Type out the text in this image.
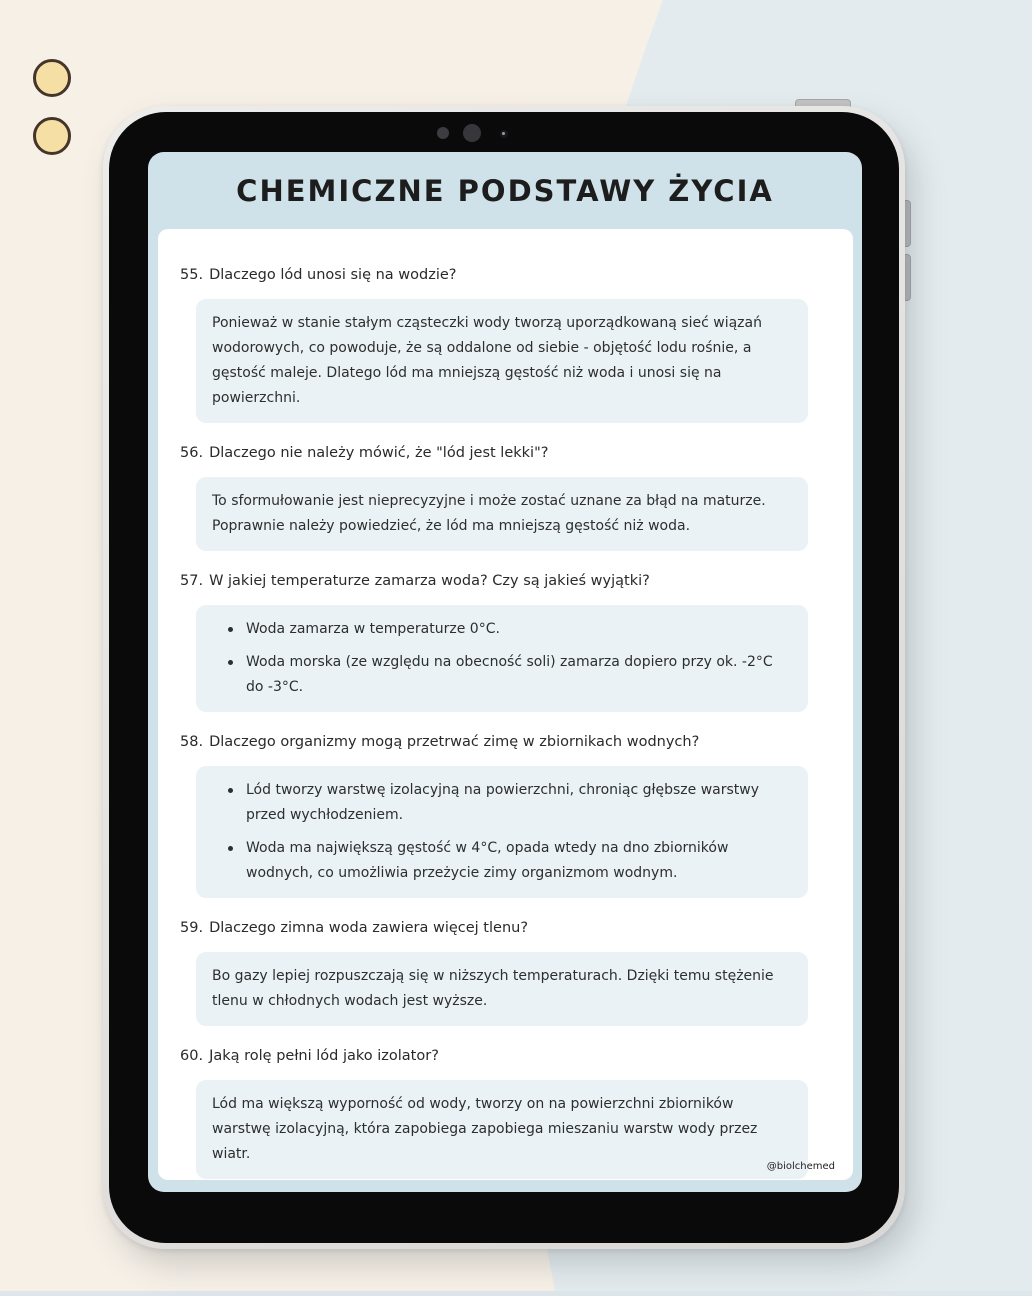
CHEMICZNE PODSTAWY ŻYCIA
55. Dlaczego lód unosi się na wodzie?

Ponieważ w stanie stałym cząsteczki wody tworzą uporządkowaną sieć wiązań wodorowych, co powoduje, że są oddalone od siebie - objętość lodu rośnie, a gęstość maleje. Dlatego lód ma mniejszą gęstość niż woda i unosi się na powierzchni.

56. Dlaczego nie należy mówić, że "lód jest lekki"?

To sformułowanie jest nieprecyzyjne i może zostać uznane za błąd na maturze. Poprawnie należy powiedzieć, że lód ma mniejszą gęstość niż woda.

57. W jakiej temperaturze zamarza woda? Czy są jakieś wyjątki?
Woda zamarza w temperaturze 0°C.
Woda morska (ze względu na obecność soli) zamarza dopiero przy ok. -2°C do -3°C.
58. Dlaczego organizmy mogą przetrwać zimę w zbiornikach wodnych?
Lód tworzy warstwę izolacyjną na powierzchni, chroniąc głębsze warstwy przed wychłodzeniem.
Woda ma największą gęstość w 4°C, opada wtedy na dno zbiorników wodnych, co umożliwia przeżycie zimy organizmom wodnym.
59. Dlaczego zimna woda zawiera więcej tlenu?

Bo gazy lepiej rozpuszczają się w niższych temperaturach. Dzięki temu stężenie tlenu w chłodnych wodach jest wyższe.

60. Jaką rolę pełni lód jako izolator?

Lód ma większą wyporność od wody, tworzy on na powierzchni zbiorników warstwę izolacyjną, która zapobiega zapobiega mieszaniu warstw wody przez wiatr.

@biolchemed
